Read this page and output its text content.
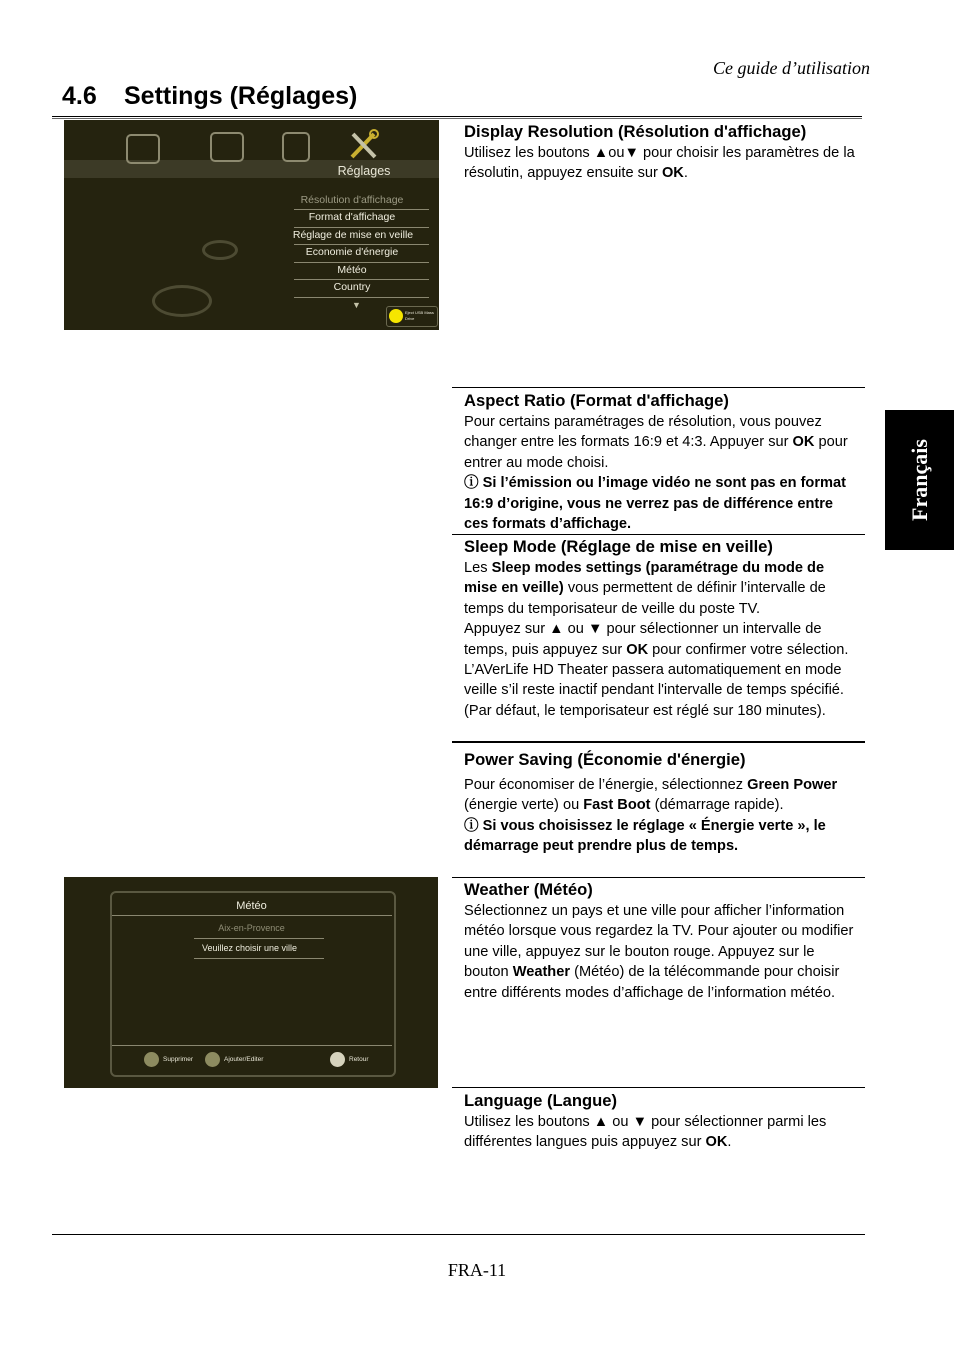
Ce guide d’utilisation
4.6 Settings (Réglages)
Français
Réglages
Résolution d'affichage
Format d'affichage
Réglage de mise en veille
Economie d'énergie
Météo
Country
▼
Eject USB Mass Drive
Météo
Aix-en-Provence
Veuillez choisir une ville
Supprimer	Ajouter/Editer	Retour
Display Resolution (Résolution d'affichage)

Utilisez les boutons ▲ou▼ pour choisir les paramètres de la résolutin, appuyez ensuite sur OK.

Aspect Ratio (Format d'affichage)

Pour certains paramétrages de résolution, vous pouvez changer entre les formats 16:9 et 4:3. Appuyer sur OK pour entrer au mode choisi.

ⓘ Si l’émission ou l’image vidéo ne sont pas en format 16:9 d’origine, vous ne verrez pas de différence entre ces formats d’affichage.

Sleep Mode (Réglage de mise en veille)

Les Sleep modes settings (paramétrage du mode de mise en veille) vous permettent de définir l’intervalle de temps du temporisateur de veille du poste TV.

Appuyez sur ▲ ou ▼ pour sélectionner un intervalle de temps, puis appuyez sur OK pour confirmer votre sélection. L’AVerLife HD Theater passera automatiquement en mode veille s’il reste inactif pendant l'intervalle de temps spécifié. (Par défaut, le temporisateur est réglé sur 180 minutes).

Power Saving (Économie d'énergie)

Pour économiser de l’énergie, sélectionnez Green Power (énergie verte) ou Fast Boot (démarrage rapide).

ⓘ Si vous choisissez le réglage « Énergie verte », le démarrage peut prendre plus de temps.

Weather (Météo)

Sélectionnez un pays et une ville pour afficher l’information météo lorsque vous regardez la TV. Pour ajouter ou modifier une ville, appuyez sur le bouton rouge. Appuyez sur le bouton Weather (Météo) de la télécommande pour choisir entre différents modes d’affichage de l’information météo.

Language (Langue)

Utilisez les boutons ▲ ou ▼ pour sélectionner parmi les différentes langues puis appuyez sur OK.

FRA-11
